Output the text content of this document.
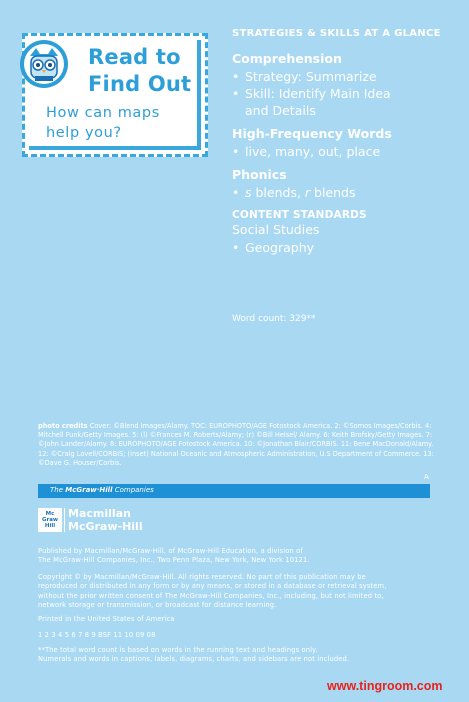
Read to
Find Out
How can maps
help you?

STRATEGIES & SKILLS AT A GLANCE

Comprehension

• Strategy: Summarize

• Skill: Identify Main Idea
and Details

High-Frequency Words

• live, many, out, place

Phonics

• s blends, r blends

CONTENT STANDARDS

Social Studies

• Geography

Word count: 329**
photo credits Cover: ©Blend Images/Alamy. TOC: EUROPHOTO/AGE Fotostock America. 2: ©Somos Images/Corbis. 4: Mitchell Funk/Getty Images. 5: (l) ©Frances M. Roberts/Alamy; (r) ©Bill Helsel/ Alamy. 6: Keith Brofsky/Getty Images. 7: ©John Lander/Alamy. 8: EUROPHOTO/AGE Fotostock America. 10: ©Jonathan Blair/CORBIS. 11: Bene MacDonald/Alamy. 12: ©Craig Lovell/CORBIS; (inset) National Oceanic and Atmospheric Administration, U.S Department of Commerce. 13: ©Dave G. Houser/Corbis.
A
The McGraw·Hill Companies
Mc
Graw
Hill
Macmillan
McGraw-Hill
Published by Macmillan/McGraw-Hill, of McGraw-Hill Education, a division of
The McGraw-Hill Companies, Inc., Two Penn Plaza, New York, New York 10121.
Copyright © by Macmillan/McGraw-Hill. All rights reserved. No part of this publication may be
reproduced or distributed in any form or by any means, or stored in a database or retrieval system,
without the prior written consent of The McGraw-Hill Companies, Inc., including, but not limited to,
network storage or transmission, or broadcast for distance learning.
Printed in the United States of America
1 2 3 4 5 6 7 8 9 BSF 11 10 09 08
**The total word count is based on words in the running text and headings only.
Numerals and words in captions, labels, diagrams, charts, and sidebars are not included.
www.tingroom.com
